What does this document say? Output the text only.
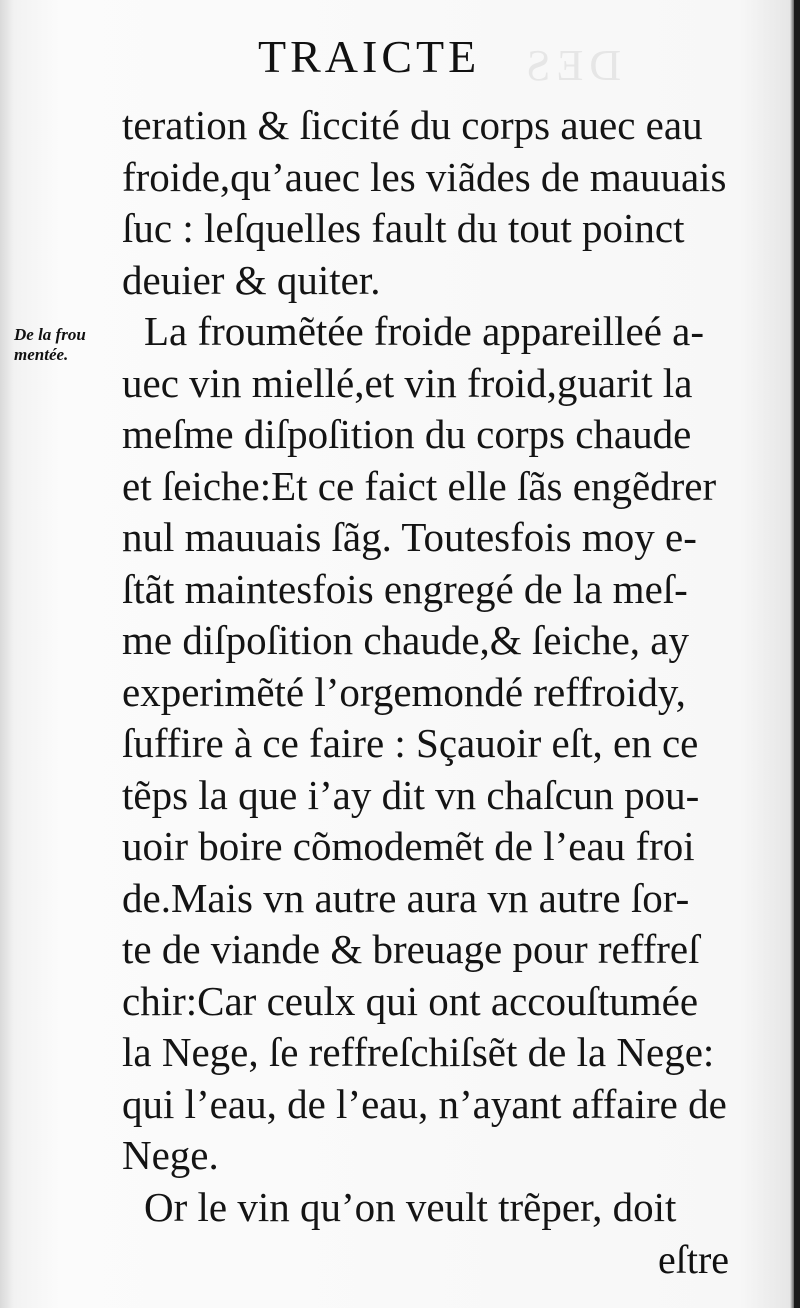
DES
TRAICTE
De la frou
mentée.
teration & ſiccité du corps auec eau
froide,qu’auec les viãdes de mauuais
ſuc : leſquelles fault du tout poinct
deuier & quiter.
La froumẽtée froide appareilleé a-
uec vin miellé,et vin froid,guarit la
meſme diſpoſition du corps chaude
et ſeiche:Et ce faict elle ſãs engẽdrer
nul mauuais ſãg. Toutesfois moy e-
ſtãt maintesfois engregé de la meſ-
me diſpoſition chaude,& ſeiche, ay
experimẽté l’orgemondé reffroidy,
ſuffire à ce faire : Sçauoir eſt, en ce
tẽps la que i’ay dit vn chaſcun pou-
uoir boire cõmodemẽt de l’eau froi
de.Mais vn autre aura vn autre ſor-
te de viande & breuage pour reffreſ
chir:Car ceulx qui ont accouſtumée
la Nege, ſe reffreſchiſsẽt de la Nege:
qui l’eau, de l’eau, n’ayant affaire de
Nege.
Or le vin qu’on veult trẽper, doit
eſtre
